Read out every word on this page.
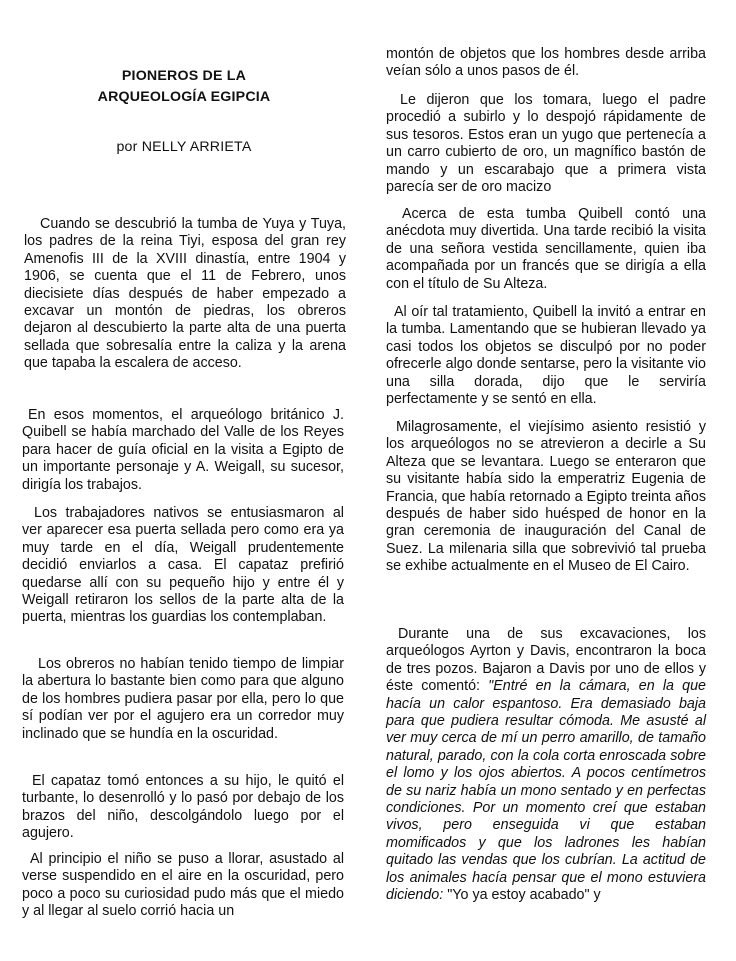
PIONEROS DE LA
ARQUEOLOGÍA EGIPCIA
por NELLY ARRIETA

Cuando se descubrió la tumba de Yuya y Tuya, los padres de la reina Tiyi, esposa del gran rey Amenofis III de la XVIII dinastía, entre 1904 y 1906, se cuenta que el 11 de Febrero, unos diecisiete días después de haber empezado a excavar un montón de piedras, los obreros dejaron al descubierto la parte alta de una puerta sellada que sobresalía entre la caliza y la arena que tapaba la escalera de acceso.

En esos momentos, el arqueólogo británico J. Quibell se había marchado del Valle de los Reyes para hacer de guía oficial en la visita a Egipto de un importante personaje y A. Weigall, su sucesor, dirigía los trabajos.

Los trabajadores nativos se entusiasmaron al ver aparecer esa puerta sellada pero como era ya muy tarde en el día, Weigall prudentemente decidió enviarlos a casa. El capataz prefirió quedarse allí con su pequeño hijo y entre él y Weigall retiraron los sellos de la parte alta de la puerta, mientras los guardias los contemplaban.

Los obreros no habían tenido tiempo de limpiar la abertura lo bastante bien como para que alguno de los hombres pudiera pasar por ella, pero lo que sí podían ver por el agujero era un corredor muy inclinado que se hundía en la oscuridad.

El capataz tomó entonces a su hijo, le quitó el turbante, lo desenrolló y lo pasó por debajo de los brazos del niño, descolgándolo luego por el agujero.

Al principio el niño se puso a llorar, asustado al verse suspendido en el aire en la oscuridad, pero poco a poco su curiosidad pudo más que el miedo y al llegar al suelo corrió hacia un

montón de objetos que los hombres desde arriba veían sólo a unos pasos de él.

Le dijeron que los tomara, luego el padre procedió a subirlo y lo despojó rápidamente de sus tesoros. Estos eran un yugo que pertenecía a un carro cubierto de oro, un magnífico bastón de mando y un escarabajo que a primera vista parecía ser de oro macizo

Acerca de esta tumba Quibell contó una anécdota muy divertida. Una tarde recibió la visita de una señora vestida sencillamente, quien iba acompañada por un francés que se dirigía a ella con el título de Su Alteza.

Al oír tal tratamiento, Quibell la invitó a entrar en la tumba. Lamentando que se hubieran llevado ya casi todos los objetos se disculpó por no poder ofrecerle algo donde sentarse, pero la visitante vio una silla dorada, dijo que le serviría perfectamente y se sentó en ella.

Milagrosamente, el viejísimo asiento resistió y los arqueólogos no se atrevieron a decirle a Su Alteza que se levantara. Luego se enteraron que su visitante había sido la emperatriz Eugenia de Francia, que había retornado a Egipto treinta años después de haber sido huésped de honor en la gran ceremonia de inauguración del Canal de Suez. La milenaria silla que sobrevivió tal prueba se exhibe actualmente en el Museo de El Cairo.

Durante una de sus excavaciones, los arqueólogos Ayrton y Davis, encontraron la boca de tres pozos. Bajaron a Davis por uno de ellos y éste comentó: "Entré en la cámara, en la que hacía un calor espantoso. Era demasiado baja para que pudiera resultar cómoda. Me asusté al ver muy cerca de mí un perro amarillo, de tamaño natural, parado, con la cola corta enroscada sobre el lomo y los ojos abiertos. A pocos centímetros de su nariz había un mono sentado y en perfectas condiciones. Por un momento creí que estaban vivos, pero enseguida vi que estaban momificados y que los ladrones les habían quitado las vendas que los cubrían. La actitud de los animales hacía pensar que el mono estuviera diciendo: "Yo ya estoy acabado" y
